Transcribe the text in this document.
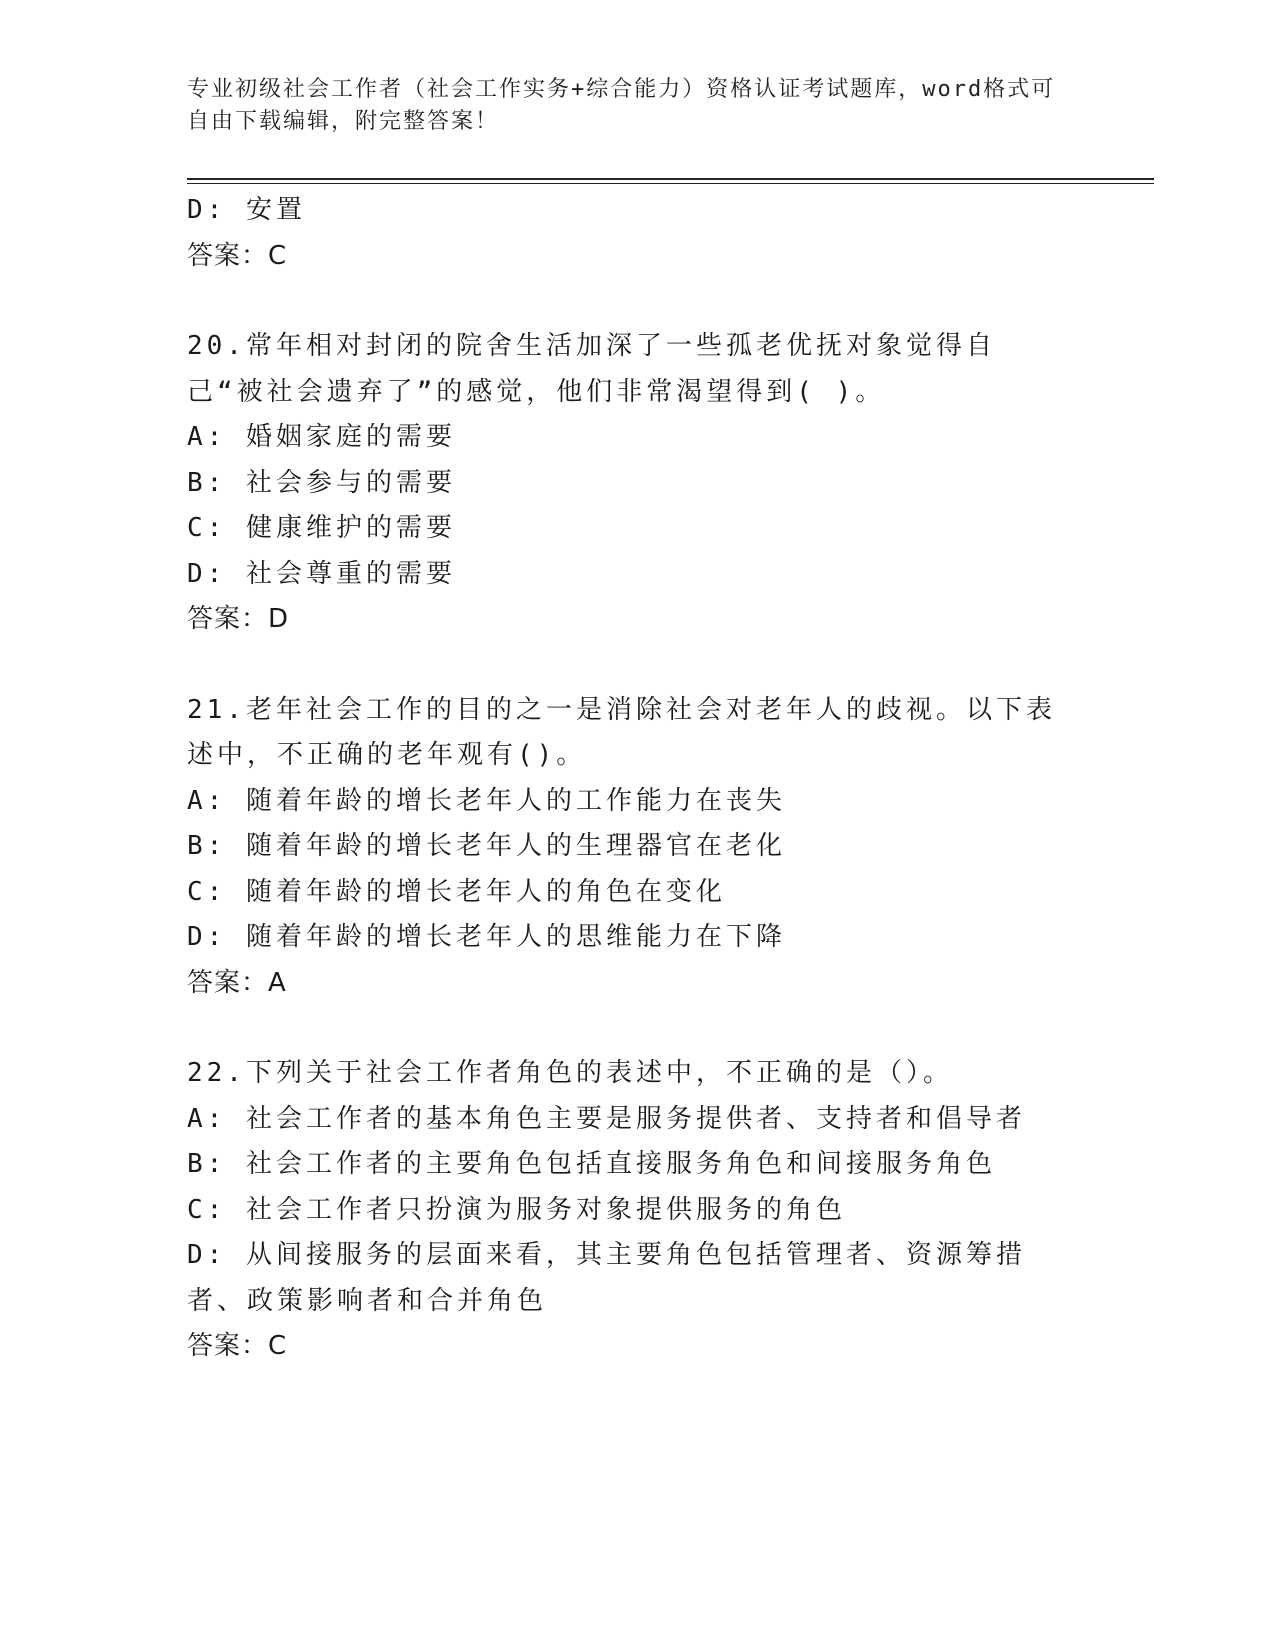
专业初级社会工作者（社会工作实务+综合能力）资格认证考试题库，word格式可自由下载编辑，附完整答案！
D: 安置
答案：C
20.常年相对封闭的院舍生活加深了一些孤老优抚对象觉得自己“被社会遗弃了”的感觉，他们非常渴望得到( )。
A: 婚姻家庭的需要
B: 社会参与的需要
C: 健康维护的需要
D: 社会尊重的需要
答案：D
21.老年社会工作的目的之一是消除社会对老年人的歧视。以下表述中，不正确的老年观有()。
A: 随着年龄的增长老年人的工作能力在丧失
B: 随着年龄的增长老年人的生理器官在老化
C: 随着年龄的增长老年人的角色在变化
D: 随着年龄的增长老年人的思维能力在下降
答案：A
22.下列关于社会工作者角色的表述中，不正确的是（）。
A: 社会工作者的基本角色主要是服务提供者、支持者和倡导者
B: 社会工作者的主要角色包括直接服务角色和间接服务角色
C: 社会工作者只扮演为服务对象提供服务的角色
D: 从间接服务的层面来看，其主要角色包括管理者、资源筹措者、政策影响者和合并角色
答案：C
